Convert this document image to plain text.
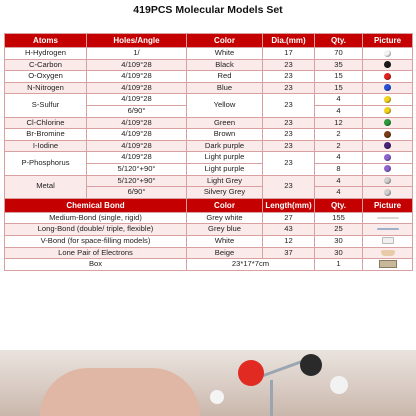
419PCS Molecular Models Set
Atoms	Holes/Angle	Color	Dia.(mm)	Qty.	Picture
H-Hydrogen	1/	White	17	70	
C-Carbon	4/109°28	Black	23	35	
O-Oxygen	4/109°28	Red	23	15	
N-Nitrogen	4/109°28	Blue	23	15	
S-Sulfur	4/109°28	Yellow	23	4	
	6/90°			4	
Cl-Chlorine	4/109°28	Green	23	12	
Br-Bromine	4/109°28	Brown	23	2	
I-Iodine	4/109°28	Dark purple	23	2	
P-Phosphorus	4/109°28	Light purple	23	4	
	5/120°+90°	Light purple		8	
Metal	5/120°+90°	Light Grey	23	4	
	6/90°	Silvery Grey		4	
Chemical Bond		Color	Length(mm)	Qty.	Picture
Medium-Bond (single, rigid)		Grey white	27	155	
Long-Bond (double/ triple, flexible)		Grey blue	43	25	
V-Bond (for space-filling models)		White	12	30	
Lone Pair of Electrons		Beige	37	30	
Box		23*17*7cm		1	
